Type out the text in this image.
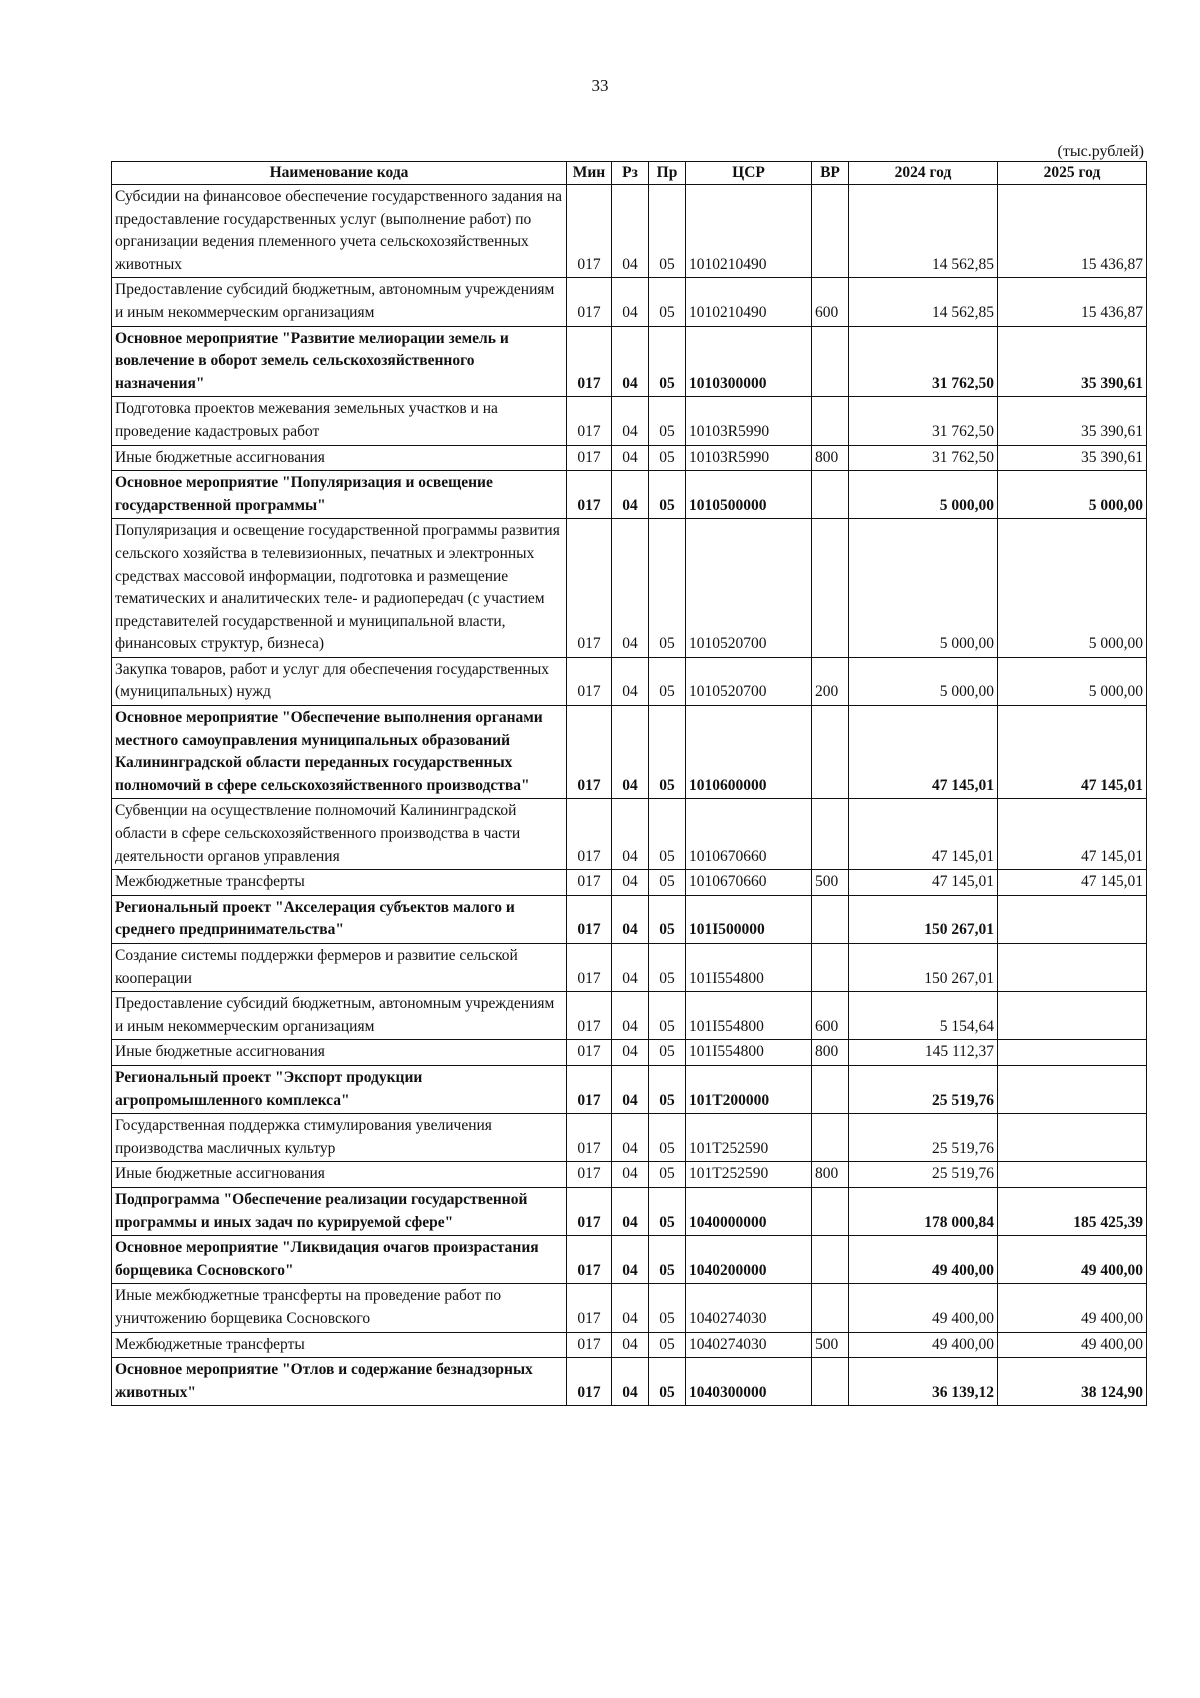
33
(тыс.рублей)
Наименование кода	Мин	Рз	Пр	ЦСР	ВР	2024 год	2025 год
Субсидии на финансовое обеспечение государственного задания на предоставление государственных услуг (выполнение работ) по организации ведения племенного учета сельскохозяйственных животных	017	04	05	1010210490		14 562,85	15 436,87
Предоставление субсидий бюджетным, автономным учреждениям и иным некоммерческим организациям	017	04	05	1010210490	600	14 562,85	15 436,87
Основное мероприятие "Развитие мелиорации земель и вовлечение в оборот земель сельскохозяйственного назначения"	017	04	05	1010300000		31 762,50	35 390,61
Подготовка проектов межевания земельных участков и на проведение кадастровых работ	017	04	05	10103R5990		31 762,50	35 390,61
Иные бюджетные ассигнования	017	04	05	10103R5990	800	31 762,50	35 390,61
Основное мероприятие "Популяризация и освещение государственной программы"	017	04	05	1010500000		5 000,00	5 000,00
Популяризация и освещение государственной программы развития сельского хозяйства в телевизионных, печатных и электронных средствах массовой информации, подготовка и размещение тематических и аналитических теле- и радиопередач (с участием представителей государственной и муниципальной власти, финансовых структур, бизнеса)	017	04	05	1010520700		5 000,00	5 000,00
Закупка товаров, работ и услуг для обеспечения государственных (муниципальных) нужд	017	04	05	1010520700	200	5 000,00	5 000,00
Основное мероприятие "Обеспечение выполнения органами местного самоуправления муниципальных образований Калининградской области переданных государственных полномочий в сфере сельскохозяйственного производства"	017	04	05	1010600000		47 145,01	47 145,01
Субвенции на осуществление полномочий Калининградской области в сфере сельскохозяйственного производства в части деятельности органов управления	017	04	05	1010670660		47 145,01	47 145,01
Межбюджетные трансферты	017	04	05	1010670660	500	47 145,01	47 145,01
Региональный проект "Акселерация субъектов малого и среднего предпринимательства"	017	04	05	101I500000		150 267,01	
Создание системы поддержки фермеров и развитие сельской кооперации	017	04	05	101I554800		150 267,01	
Предоставление субсидий бюджетным, автономным учреждениям и иным некоммерческим организациям	017	04	05	101I554800	600	5 154,64	
Иные бюджетные ассигнования	017	04	05	101I554800	800	145 112,37	
Региональный проект "Экспорт продукции агропромышленного комплекса"	017	04	05	101T200000		25 519,76	
Государственная поддержка стимулирования увеличения производства масличных культур	017	04	05	101T252590		25 519,76	
Иные бюджетные ассигнования	017	04	05	101T252590	800	25 519,76	
Подпрограмма "Обеспечение реализации государственной программы и иных задач по курируемой сфере"	017	04	05	1040000000		178 000,84	185 425,39
Основное мероприятие "Ликвидация очагов произрастания борщевика Сосновского"	017	04	05	1040200000		49 400,00	49 400,00
Иные межбюджетные трансферты на проведение работ по уничтожению борщевика Сосновского	017	04	05	1040274030		49 400,00	49 400,00
Межбюджетные трансферты	017	04	05	1040274030	500	49 400,00	49 400,00
Основное мероприятие "Отлов и содержание безнадзорных животных"	017	04	05	1040300000		36 139,12	38 124,90
